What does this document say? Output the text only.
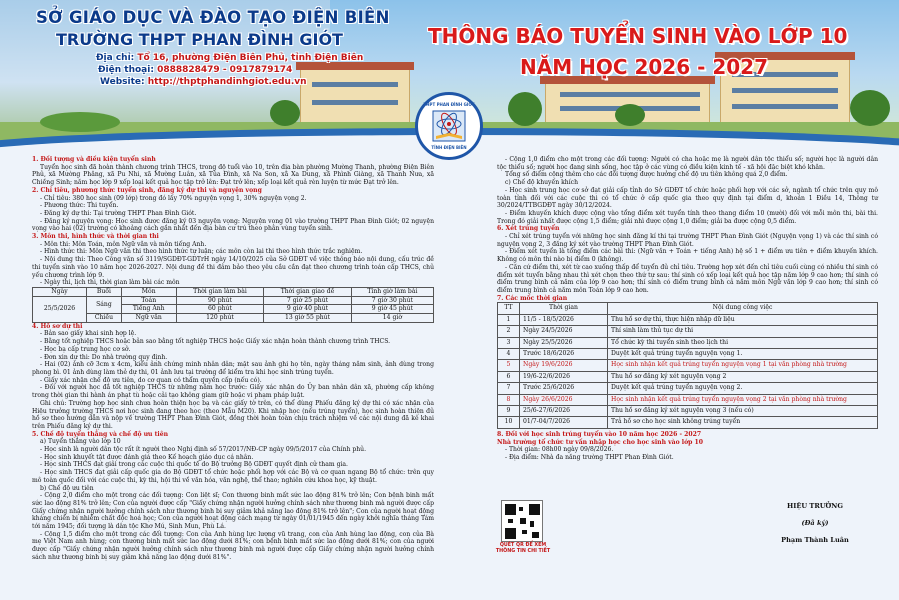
SỞ GIÁO DỤC VÀ ĐÀO TẠO ĐIỆN BIÊN
TRƯỜNG THPT PHAN ĐÌNH GIÓT
Địa chỉ: Tổ 16, phường Điện Biên Phủ, tỉnh Điện Biên
Điện thoại: 0888828479 - 0917879174
Website: http://thptphandinhgiot.edu.vn
THÔNG BÁO TUYỂN SINH VÀO LỚP 10
NĂM HỌC 2026 - 2027
THPT PHAN ĐÌNH GIÓT
TỈNH ĐIỆN BIÊN
1. Đối tượng và điều kiện tuyển sinh
Tuyển học sinh đã hoàn thành chương trình THCS, trong độ tuổi vào 10, trên địa bàn phường Mường Thanh, phường Điện Biên Phủ, xã Mường Phăng, xã Pu Nhi, xã Mường Luân, xã Tủa Đình, xã Na Son, xã Xa Dung, xã Phình Giàng, xã Thanh Nưa, xã Chiềng Sinh; năm học lớp 9 xếp loại kết quả học tập trở lên: Đạt trở lên; xếp loại kết quả rèn luyện từ mức Đạt trở lên.
2. Chỉ tiêu, phương thức tuyển sinh, đăng ký dự thi và nguyện vọng
- Chỉ tiêu: 380 học sinh (09 lớp) trong đó lấy 70% nguyện vọng 1, 30% nguyện vọng 2.
- Phương thức: Thi tuyển.
- Đăng ký dự thi: Tại trường THPT Phan Đình Giót.
- Đăng ký nguyện vọng: Học sinh được đăng ký 03 nguyện vọng: Nguyện vọng 01 vào trường THPT Phan Đình Giót; 02 nguyện vọng vào hai (02) trường có khoảng cách gần nhất đến địa bàn cư trú theo phân vùng tuyển sinh.
3. Môn thi, hình thức và thời gian thi
- Môn thi: Môn Toán, môn Ngữ văn và môn tiếng Anh.
- Hình thức thi: Môn Ngữ văn thi theo hình thức tự luận; các môn còn lại thi theo hình thức trắc nghiệm.
- Nội dung thi: Theo Công văn số 3119/SGDĐT-GDTrH ngày 14/10/2025 của Sở GDĐT về việc thông báo nội dung, cấu trúc đề thi tuyển sinh vào 10 năm học 2026-2027. Nội dung đề thi đảm bảo theo yêu cầu cần đạt theo chương trình toán cấp THCS, chủ yếu chương trình lớp 9.
- Ngày thi, lịch thi, thời gian làm bài các môn
Ngày	Buổi	Môn	Thời gian làm bài	Thời gian giao đề	Tính giờ làm bài
25/5/2026	Sáng	Toán	90 phút	7 giờ 25 phút	7 giờ 30 phút
		Tiếng Anh	60 phút	9 giờ 40 phút	9 giờ 45 phút
	Chiều	Ngữ văn	120 phút	13 giờ 55 phút	14 giờ
4. Hồ sơ dự thi
- Bản sao giấy khai sinh hợp lệ.
- Bằng tốt nghiệp THCS hoặc bản sao bằng tốt nghiệp THCS hoặc Giấy xác nhận hoàn thành chương trình THCS.
- Học bạ cấp trung học cơ sở.
- Đơn xin dự thi: Do nhà trường quy định.
- Hai (02) ảnh cỡ 3cm x 4cm, kiểu ảnh chứng minh nhân dân; mặt sau ảnh ghi họ tên, ngày tháng năm sinh, ảnh dùng trong phong bì. 01 ảnh dùng làm thẻ dự thi, 01 ảnh lưu tại trường để kiểm tra khi học sinh trúng tuyển.
- Giấy xác nhận chế độ ưu tiên, do cơ quan có thẩm quyền cấp (nếu có).
- Đối với người học đã tốt nghiệp THCS từ những năm học trước: Giấy xác nhận do Ủy ban nhân dân xã, phường cấp không trong thời gian thi hành án phạt tù hoặc cải tạo không giam giữ hoặc vi phạm pháp luật.
Ghi chú: Trường hợp học sinh chưa hoàn thiện học bạ và các giấy tờ trên, có thể dùng Phiếu đăng ký dự thi có xác nhận của Hiệu trưởng trường THCS nơi học sinh đang theo học (theo Mẫu M20). Khi nhập học (nếu trúng tuyển), học sinh hoàn thiện đủ hồ sơ theo hướng dẫn và nộp về trường THPT Phan Đình Giót, đồng thời hoàn toàn chịu trách nhiệm về các nội dung đã kê khai trên Phiếu đăng ký dự thi.
5. Chế độ tuyển thẳng và chế độ ưu tiên
a) Tuyển thẳng vào lớp 10
- Học sinh là người dân tộc rất ít người theo Nghị định số 57/2017/NĐ-CP ngày 09/5/2017 của Chính phủ.
- Học sinh khuyết tật được đánh giá theo Kế hoạch giáo dục cá nhân.
- Học sinh THCS đạt giải trong các cuộc thi quốc tế do Bộ trưởng Bộ GDĐT quyết định cử tham gia.
- Học sinh THCS đạt giải cấp quốc gia do Bộ GDĐT tổ chức hoặc phối hợp với các Bộ và cơ quan ngang Bộ tổ chức: trên quy mô toàn quốc đối với các cuộc thi, kỳ thi, hội thi về văn hóa, văn nghệ, thể thao; nghiên cứu khoa học, kỹ thuật.
b) Chế độ ưu tiên
- Cộng 2,0 điểm cho một trong các đối tượng: Con liệt sĩ; Con thương binh mất sức lao động 81% trở lên; Con bệnh binh mất sức lao động 81% trở lên; Con của người được cấp "Giấy chứng nhận người hưởng chính sách như thương binh mà người được cấp Giấy chứng nhận người hưởng chính sách như thương binh bị suy giảm khả năng lao động 81% trở lên"; Con của người hoạt động kháng chiến bị nhiễm chất độc hoá học; Con của người hoạt động cách mạng từ ngày 01/01/1945 đến ngày khởi nghĩa tháng Tám tới năm 1945; đối tượng là dân tộc Khơ Mú, Sinh Mun, Phù Lá.
- Cộng 1,5 điểm cho một trong các đối tượng: Con của Anh hùng lực lượng vũ trang, con của Anh hùng lao động, con của Bà mẹ Việt Nam anh hùng; con thương binh mất sức lao động dưới 81%; con bệnh binh mất sức lao động dưới 81%; con của người được cấp "Giấy chứng nhận người hưởng chính sách như thương binh mà người được cấp Giấy chứng nhận người hưởng chính sách như thương binh bị suy giảm khả năng lao động dưới 81%".
- Cộng 1,0 điểm cho một trong các đối tượng: Người có cha hoặc mẹ là người dân tộc thiểu số; người học là người dân tộc thiểu số; người học đang sinh sống, học tập ở các vùng có điều kiện kinh tế - xã hội đặc biệt khó khăn.
Tổng số điểm cộng thêm cho các đối tượng được hưởng chế độ ưu tiên không quá 2,0 điểm.
c) Chế độ khuyến khích
- Học sinh trung học cơ sở đạt giải cấp tỉnh do Sở GDĐT tổ chức hoặc phối hợp với các sở, ngành tổ chức trên quy mô toàn tỉnh đối với các cuộc thi có tổ chức ở cấp quốc gia theo quy định tại điểm d, khoản 1 Điều 14, Thông tư 30/2024/TTBGDĐT ngày 30/12/2024.
- Điểm khuyến khích được cộng vào tổng điểm xét tuyển tính theo thang điểm 10 (mười) đối với mỗi môn thi, bài thi. Trong đó giải nhất được cộng 1,5 điểm; giải nhì được cộng 1,0 điểm; giải ba được cộng 0,5 điểm.
6. Xét trúng tuyển
- Chỉ xét trúng tuyển với những học sinh đăng kí thi tại trường THPT Phan Đình Giót (Nguyện vọng 1) và các thí sinh có nguyện vọng 2, 3 đăng ký xét vào trường THPT Phan Đình Giót.
- Điểm xét tuyển là tổng điểm các bài thi: (Ngữ văn + Toán + tiếng Anh) hệ số 1 + điểm ưu tiên + điểm khuyến khích. Không có môn thi nào bị điểm 0 (không).
- Căn cứ điểm thi, xét từ cao xuống thấp để tuyển đủ chỉ tiêu. Trường hợp xét đến chỉ tiêu cuối cùng có nhiều thí sinh có điểm xét tuyển bằng nhau thì xét chọn theo thứ tự sau: thí sinh có xếp loại kết quả học tập năm lớp 9 cao hơn; thí sinh có điểm trung bình cả năm của lớp 9 cao hơn; thí sinh có điểm trung bình cả năm môn Ngữ văn lớp 9 cao hơn; thí sinh có điểm trung bình cả năm môn Toán lớp 9 cao hơn.
7. Các mốc thời gian
TT	Thời gian	Nội dung công việc
1	11/5 - 18/5/2026	Thu hồ sơ dự thi, thực hiện nhập dữ liệu
2	Ngày 24/5/2026	Thí sinh làm thủ tục dự thi
3	Ngày 25/5/2026	Tổ chức kỳ thi tuyển sinh theo lịch thi
4	Trước 18/6/2026	Duyệt kết quả trúng tuyển nguyện vọng 1.
5	Ngày 19/6/2026	Học sinh nhận kết quả trúng tuyển nguyện vọng 1 tại văn phòng nhà trường
6	19/6-22/6/2026	Thu hồ sơ đăng ký xét nguyện vọng 2
7	Trước 25/6/2026	Duyệt kết quả trúng tuyển nguyện vọng 2.
8	Ngày 26/6/2026	Học sinh nhận kết quả trúng tuyển nguyện vọng 2 tại văn phòng nhà trường
9	25/6-27/6/2026	Thu hồ sơ đăng ký xét nguyện vọng 3 (nếu có)
10	01/7-04/7/2026	Trả hồ sơ cho học sinh không trúng tuyển
8. Đối với học sinh trúng tuyển vào 10 năm học 2026 - 2027
Nhà trường tổ chức tư vấn nhập học cho học sinh vào lớp 10
- Thời gian: 08h00 ngày 09/8/2026.
- Địa điểm: Nhà đa năng trường THPT Phan Đình Giót.
QUÉT QR ĐỂ XEM THÔNG TIN CHI TIẾT
HIỆU TRƯỞNG
(Đã ký)
Phạm Thành Luân
